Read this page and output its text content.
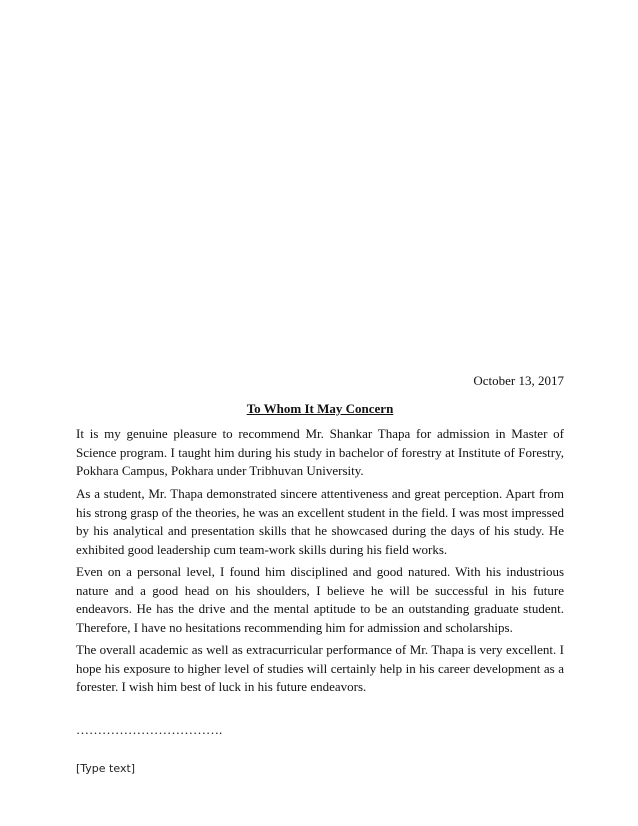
October 13, 2017
To Whom It May Concern

It is my genuine pleasure to recommend Mr. Shankar Thapa for admission in Master of Science program. I taught him during his study in bachelor of forestry at Institute of Forestry, Pokhara Campus, Pokhara under Tribhuvan University.

As a student, Mr. Thapa demonstrated sincere attentiveness and great perception. Apart from his strong grasp of the theories, he was an excellent student in the field. I was most impressed by his analytical and presentation skills that he showcased during the days of his study. He exhibited good leadership cum team-work skills during his field works.

Even on a personal level, I found him disciplined and good natured. With his industrious nature and a good head on his shoulders, I believe he will be successful in his future endeavors. He has the drive and the mental aptitude to be an outstanding graduate student. Therefore, I have no hesitations recommending him for admission and scholarships.

The overall academic as well as extracurricular performance of Mr. Thapa is very excellent. I hope his exposure to higher level of studies will certainly help in his career development as a forester. I wish him best of luck in his future endeavors.

…………………………….
[Type text]
